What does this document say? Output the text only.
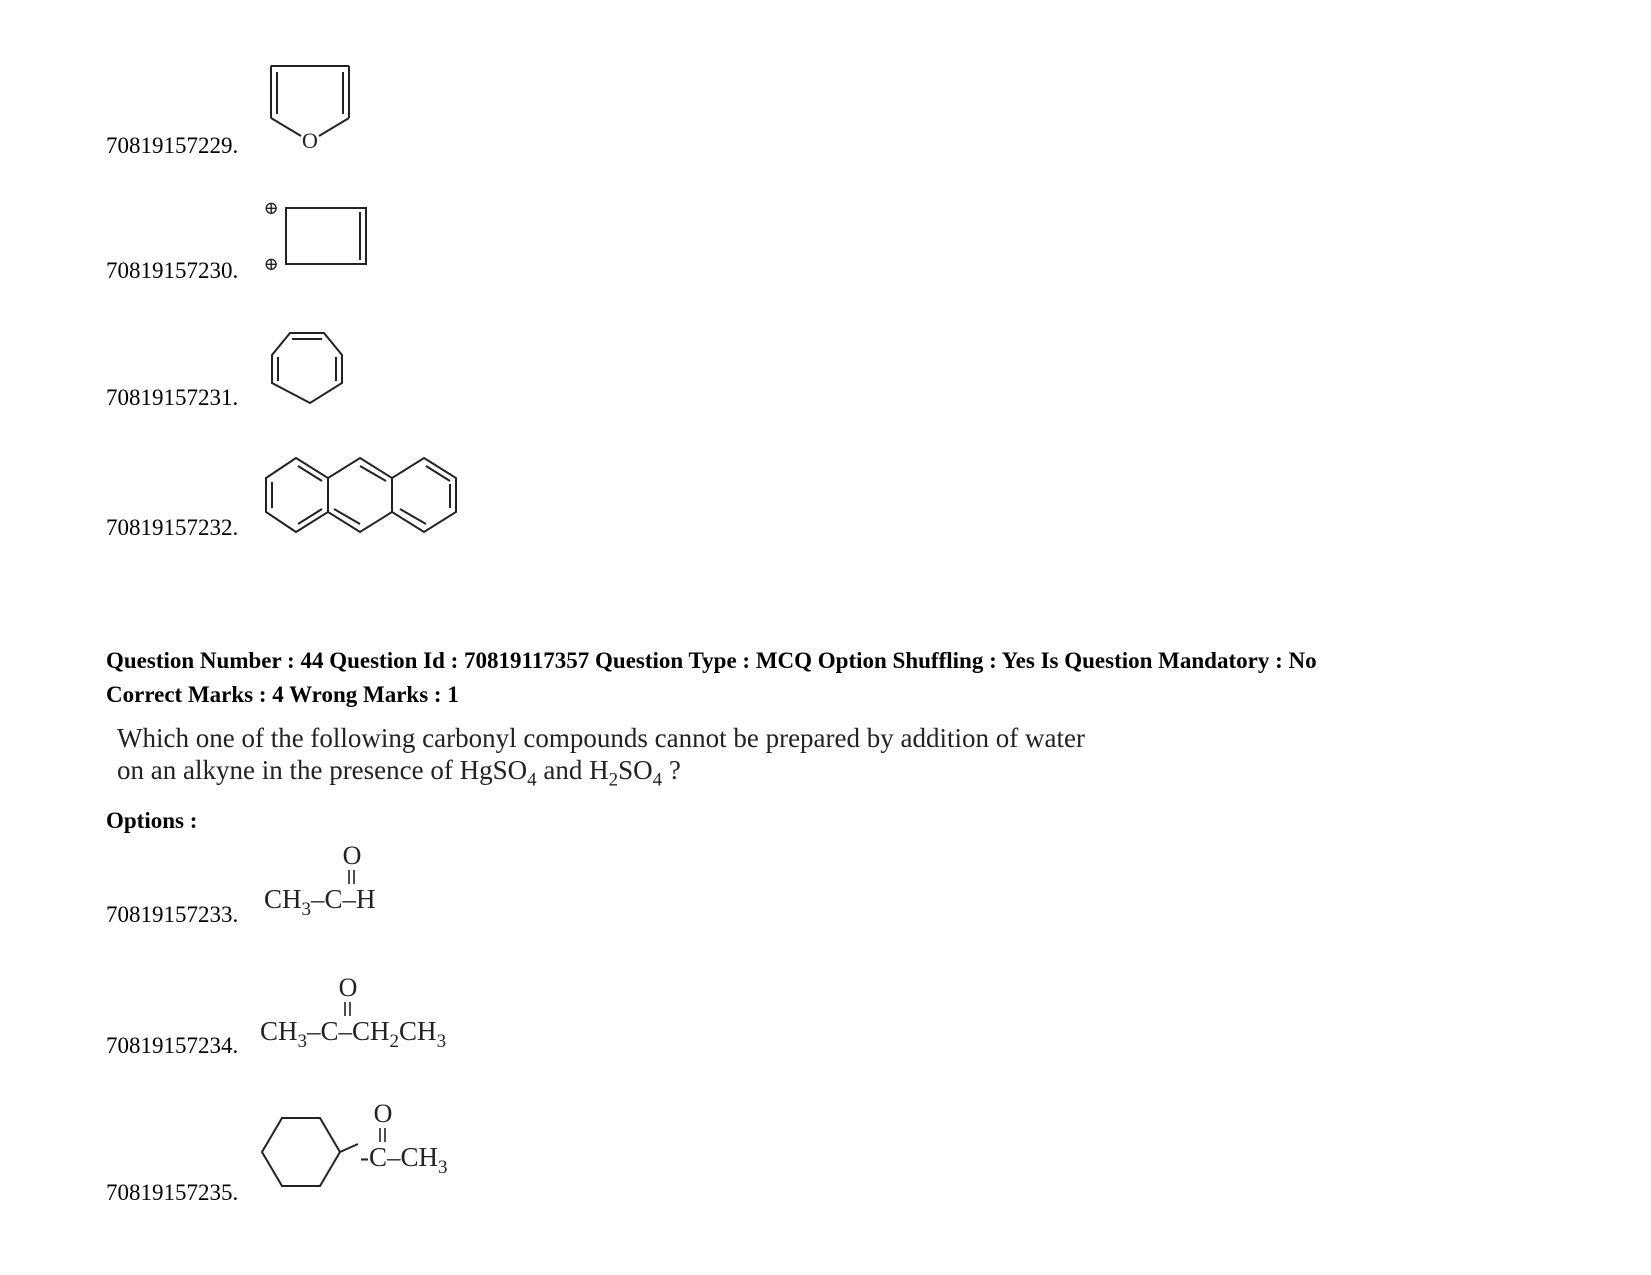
70819157229.	O
70819157230.
⊕
⊕
70819157231.
70819157232.
Question Number : 44 Question Id : 70819117357 Question Type : MCQ Option Shuffling : Yes Is Question Mandatory : No
Correct Marks : 4 Wrong Marks : 1
Which one of the following carbonyl compounds cannot be prepared by addition of water
on an alkyne in the presence of HgSO$_4$ and $H_2SO_4$ ?
Options :
70819157233.
O
$CH_3-C-H$
70819157234.
O
$CH_3-C-CH_2CH_3$
70819157235.
O
$-C-CH_3$
